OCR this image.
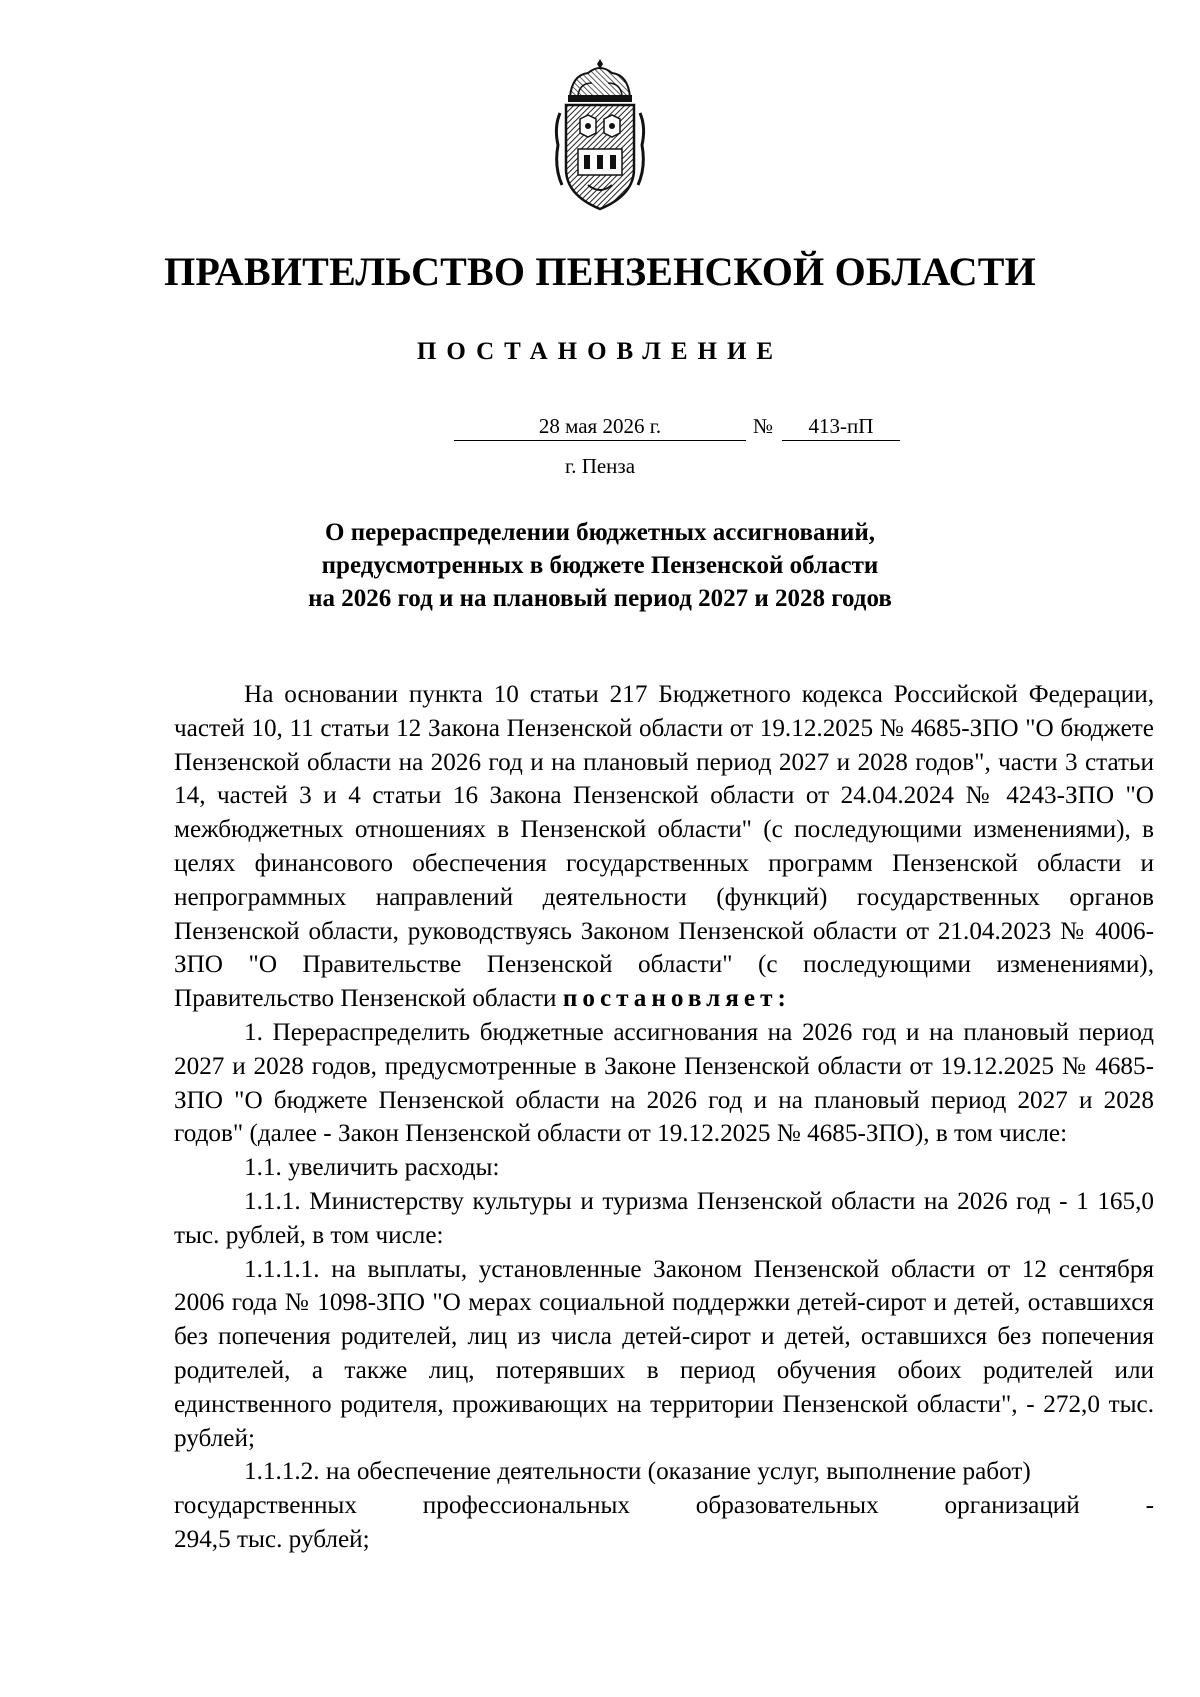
ПРАВИТЕЛЬСТВО ПЕНЗЕНСКОЙ ОБЛАСТИ
ПОСТАНОВЛЕНИЕ
28 мая 2026 г.	№	413-пП
г. Пенза
О перераспределении бюджетных ассигнований,
предусмотренных в бюджете Пензенской области
на 2026 год и на плановый период 2027 и 2028 годов

На основании пункта 10 статьи 217 Бюджетного кодекса Российской Федерации, частей 10, 11 статьи 12 Закона Пензенской области от 19.12.2025 № 4685-ЗПО "О бюджете Пензенской области на 2026 год и на плановый период 2027 и 2028 годов", части 3 статьи 14, частей 3 и 4 статьи 16 Закона Пензенской области от 24.04.2024 № 4243-ЗПО "О межбюджетных отношениях в Пензенской области" (с последующими изменениями), в целях финансового обеспечения государственных программ Пензенской области и непрограммных направлений деятельности (функций) государственных органов Пензенской области, руководствуясь Законом Пензенской области от 21.04.2023 № 4006-ЗПО "О Правительстве Пензенской области" (с последующими изменениями), Правительство Пензенской области постановляет:

1. Перераспределить бюджетные ассигнования на 2026 год и на плановый период 2027 и 2028 годов, предусмотренные в Законе Пензенской области от 19.12.2025 № 4685-ЗПО "О бюджете Пензенской области на 2026 год и на плановый период 2027 и 2028 годов" (далее - Закон Пензенской области от 19.12.2025 № 4685-ЗПО), в том числе:

1.1. увеличить расходы:

1.1.1. Министерству культуры и туризма Пензенской области на 2026 год - 1 165,0 тыс. рублей, в том числе:

1.1.1.1. на выплаты, установленные Законом Пензенской области от 12 сентября 2006 года № 1098-ЗПО "О мерах социальной поддержки детей-сирот и детей, оставшихся без попечения родителей, лиц из числа детей-сирот и детей, оставшихся без попечения родителей, а также лиц, потерявших в период обучения обоих родителей или единственного родителя, проживающих на территории Пензенской области", - 272,0 тыс. рублей;

1.1.1.2. на обеспечение деятельности (оказание услуг, выполнение работ)

государственных профессиональных образовательных организаций -

294,5 тыс. рублей;
